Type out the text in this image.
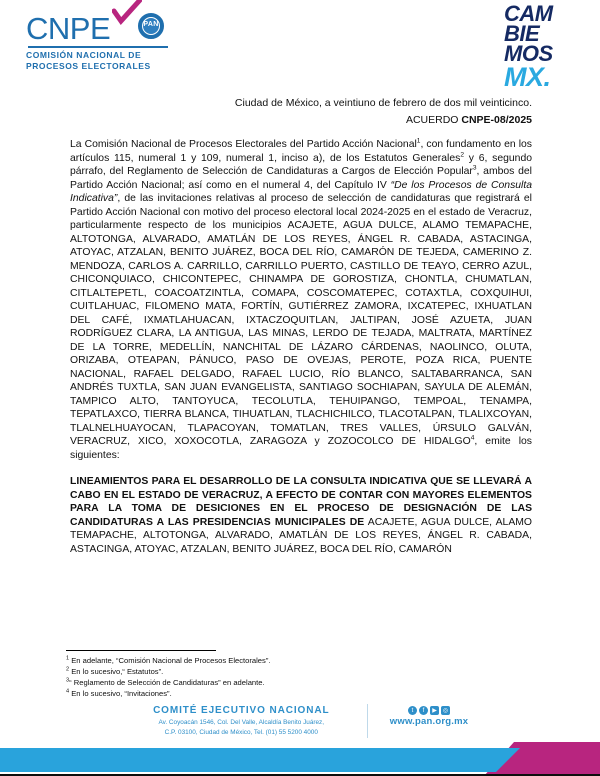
CNPE	PAN
COMISIÓN NACIONAL DE
PROCESOS ELECTORALES
CAM
BIE
MOS
MX.
Ciudad de México, a veintiuno de febrero de dos mil veinticinco.
ACUERDO CNPE-08/2025

La Comisión Nacional de Procesos Electorales del Partido Acción Nacional$^1$, con fundamento en los artículos 115, numeral 1 y 109, numeral 1, inciso a), de los Estatutos Generales$^2$ y 6, segundo párrafo, del Reglamento de Selección de Candidaturas a Cargos de Elección Popular$^3$, ambos del Partido Acción Nacional; así como en el numeral 4, del Capítulo IV “De los Procesos de Consulta Indicativa”, de las invitaciones relativas al proceso de selección de candidaturas que registrará el Partido Acción Nacional con motivo del proceso electoral local 2024-2025 en el estado de Veracruz, particularmente respecto de los municipios ACAJETE, AGUA DULCE, ALAMO TEMAPACHE, ALTOTONGA, ALVARADO, AMATLÁN DE LOS REYES, ÁNGEL R. CABADA, ASTACINGA, ATOYAC, ATZALAN, BENITO JUÁREZ, BOCA DEL RÍO, CAMARÓN DE TEJEDA, CAMERINO Z. MENDOZA, CARLOS A. CARRILLO, CARRILLO PUERTO, CASTILLO DE TEAYO, CERRO AZUL, CHICONQUIACO, CHICONTEPEC, CHINAMPA DE GOROSTIZA, CHONTLA, CHUMATLAN, CITLALTEPETL, COACOATZINTLA, COMAPA, COSCOMATEPEC, COTAXTLA, COXQUIHUI, CUITLAHUAC, FILOMENO MATA, FORTÍN, GUTIÉRREZ ZAMORA, IXCATEPEC, IXHUATLAN DEL CAFÉ, IXMATLAHUACAN, IXTACZOQUITLAN, JALTIPAN, JOSÉ AZUETA, JUAN RODRÍGUEZ CLARA, LA ANTIGUA, LAS MINAS, LERDO DE TEJADA, MALTRATA, MARTÍNEZ DE LA TORRE, MEDELLÍN, NANCHITAL DE LÁZARO CÁRDENAS, NAOLINCO, OLUTA, ORIZABA, OTEAPAN, PÁNUCO, PASO DE OVEJAS, PEROTE, POZA RICA, PUENTE NACIONAL, RAFAEL DELGADO, RAFAEL LUCIO, RÍO BLANCO, SALTABARRANCA, SAN ANDRÉS TUXTLA, SAN JUAN EVANGELISTA, SANTIAGO SOCHIAPAN, SAYULA DE ALEMÁN, TAMPICO ALTO, TANTOYUCA, TECOLUTLA, TEHUIPANGO, TEMPOAL, TENAMPA, TEPATLAXCO, TIERRA BLANCA, TIHUATLAN, TLACHICHILCO, TLACOTALPAN, TLALIXCOYAN, TLALNELHUAYOCAN, TLAPACOYAN, TOMATLAN, TRES VALLES, ÚRSULO GALVÁN, VERACRUZ, XICO, XOXOCOTLA, ZARAGOZA y ZOZOCOLCO DE HIDALGO$^4$, emite los siguientes:

LINEAMIENTOS PARA EL DESARROLLO DE LA CONSULTA INDICATIVA QUE SE LLEVARÁ A CABO EN EL ESTADO DE VERACRUZ, A EFECTO DE CONTAR CON MAYORES ELEMENTOS PARA LA TOMA DE DESICIONES EN EL PROCESO DE DESIGNACIÓN DE LAS CANDIDATURAS A LAS PRESIDENCIAS MUNICIPALES DE ACAJETE, AGUA DULCE, ALAMO TEMAPACHE, ALTOTONGA, ALVARADO, AMATLÁN DE LOS REYES, ÁNGEL R. CABADA, ASTACINGA, ATOYAC, ATZALAN, BENITO JUÁREZ, BOCA DEL RÍO, CAMARÓN

$^1$ En adelante, “Comisión Nacional de Procesos Electorales”.
$^2$ En lo sucesivo,“ Estatutos”.
$^3$“ Reglamento de Selección de Candidaturas” en adelante.
$^4$ En lo sucesivo, “Invitaciones”.
COMITÉ EJECUTIVO NACIONAL
Av. Coyoacán 1546, Col. Del Valle, Alcaldía Benito Juárez,
C.P. 03100, Ciudad de México, Tel. (01) 55 5200 4000
t	f	▶	◎
www.pan.org.mx
